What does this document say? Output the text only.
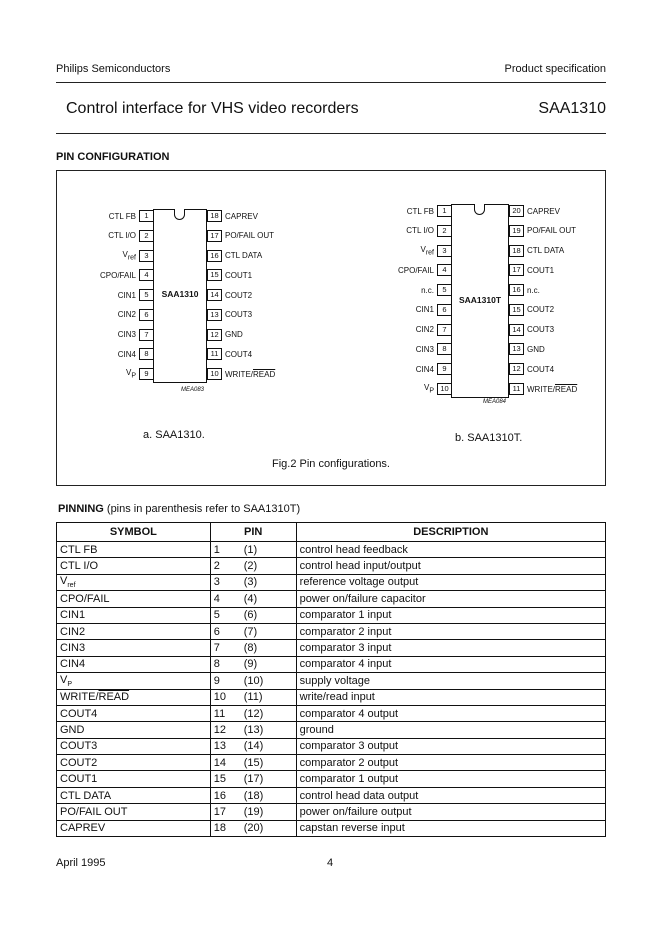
Philips Semiconductors	Product specification
Control interface for VHS video recorders	SAA1310
PIN CONFIGURATION
SAA1310
MEA083
a. SAA1310.
SAA1310T
MEA084
b. SAA1310T.
Fig.2 Pin configurations.
CTL FB	1
CTL I/O	2
$V_{ref}$	3
CPO/FAIL	4
CIN1	5
CIN2	6
CIN3	7
CIN4	8
$V_P$	9
18 CAPREV
17 PO/FAIL OUT
16 CTL DATA
15 COUT1
14 COUT2
13 COUT3
12 GND
11 COUT4
10 WRITE/READ
CTL FB	1
CTL I/O	2
$V_{ref}$	3
CPO/FAIL	4
n.c.	5
CIN1	6
CIN2	7
CIN3	8
CIN4	9
$V_P$ 10
20 CAPREV
19 PO/FAIL OUT
18 CTL DATA
17 COUT1
16 n.c.
15 COUT2
14 COUT3
13 GND
12 COUT4
11 WRITE/READ
PINNING (pins in parenthesis refer to SAA1310T)
SYMBOL	PIN	DESCRIPTION
CTL FB	1 (1)	control head feedback
CTL I/O	2 (2)	control head input/output
$V_{ref}$	3 (3)	reference voltage output
CPO/FAIL	4 (4)	power on/failure capacitor
CIN1	5 (6)	comparator 1 input
CIN2	6 (7)	comparator 2 input
CIN3	7 (8)	comparator 3 input
CIN4	8 (9)	comparator 4 input
$V_P$	9 (10)	supply voltage
WRITE/READ	10 (11)	write/read input
COUT4	11 (12)	comparator 4 output
GND	12 (13)	ground
COUT3	13 (14)	comparator 3 output
COUT2	14 (15)	comparator 2 output
COUT1	15 (17)	comparator 1 output
CTL DATA	16 (18)	control head data output
PO/FAIL OUT	17 (19)	power on/failure output
CAPREV	18 (20)	capstan reverse input
April 1995	4
